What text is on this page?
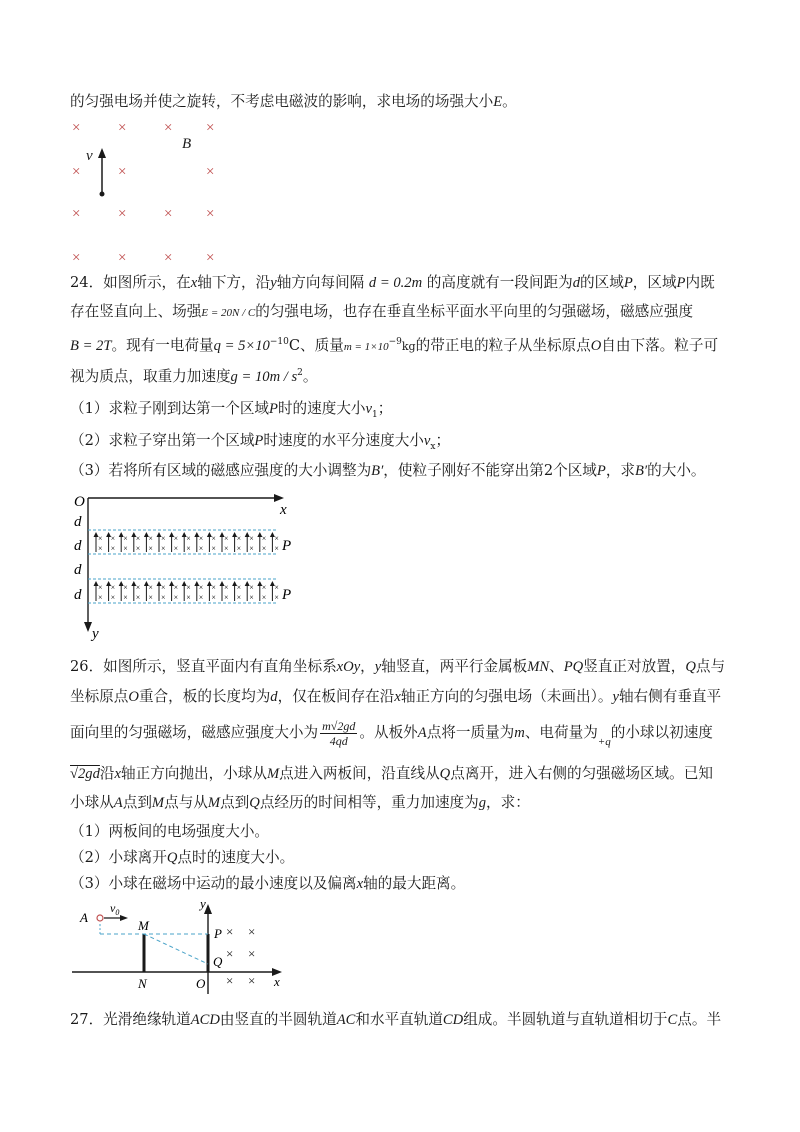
的匀强电场并使之旋转，不考虑电磁波的影响，求电场的场强大小E。
×	×	× ×
×	×	×
×	×	× ×
×	×	× ×
v
B
24．如图所示，在x轴下方，沿y轴方向每间隔 d = 0.2m 的高度就有一段间距为d的区域P，区域P内既
存在竖直向上、场强E = 20N / C的匀强电场，也存在垂直坐标平面水平向里的匀强磁场，磁感应强度
B = 2T。现有一电荷量$q = 5\times 10^{-10}C$、质量$m = 1\times 10^{-9}kg$的带正电的粒子从坐标原点O自由下落。粒子可
视为质点，取重力加速度$g = 10m / s^2$。
（1）求粒子刚到达第一个区域P时的速度大小$v_1$；
（2）求粒子穿出第一个区域P时速度的水平分速度大小$v_x$；
（3）若将所有区域的磁感应强度的大小调整为B′，使粒子刚好不能穿出第2个区域P，求B′的大小。
O	x
y
d
d
d
d
P
P
×
×
×
×
×
×
×
×
×
×
×
×
×
×
×
×
×
×
×
×
×
×
×
×
×
×
×
×
×
×
×
×
×
×
×
×
×
×
×
×
×
×
×
×
×
×
×
×
×
×
×
×
×
×
×
×
×
×
×
×
26．如图所示，竖直平面内有直角坐标系xOy，y轴竖直，两平行金属板MN、PQ竖直正对放置，Q点与
坐标原点O重合，板的长度均为d，仅在板间存在沿x轴正方向的匀强电场（未画出）。y轴右侧有垂直平
面向里的匀强磁场，磁感应强度大小为 $\frac{m√2gd}{4qd}$ 。从板外A点将一质量为m、电荷量为$_{+q}$的小球以初速度
√2gd沿x轴正方向抛出，小球从M点进入两板间，沿直线从Q点离开，进入右侧的匀强磁场区域。已知
小球从A点到M点与从M点到Q点经历的时间相等，重力加速度为g，求：
（1）两板间的电场强度大小。
（2）小球离开Q点时的速度大小。
（3）小球在磁场中运动的最小速度以及偏离x轴的最大距离。
y
x
O
A
$v_0$
M
N
P
Q
× ×
× ×
× ×
27．光滑绝缘轨道ACD由竖直的半圆轨道AC和水平直轨道CD组成。半圆轨道与直轨道相切于C点。半
